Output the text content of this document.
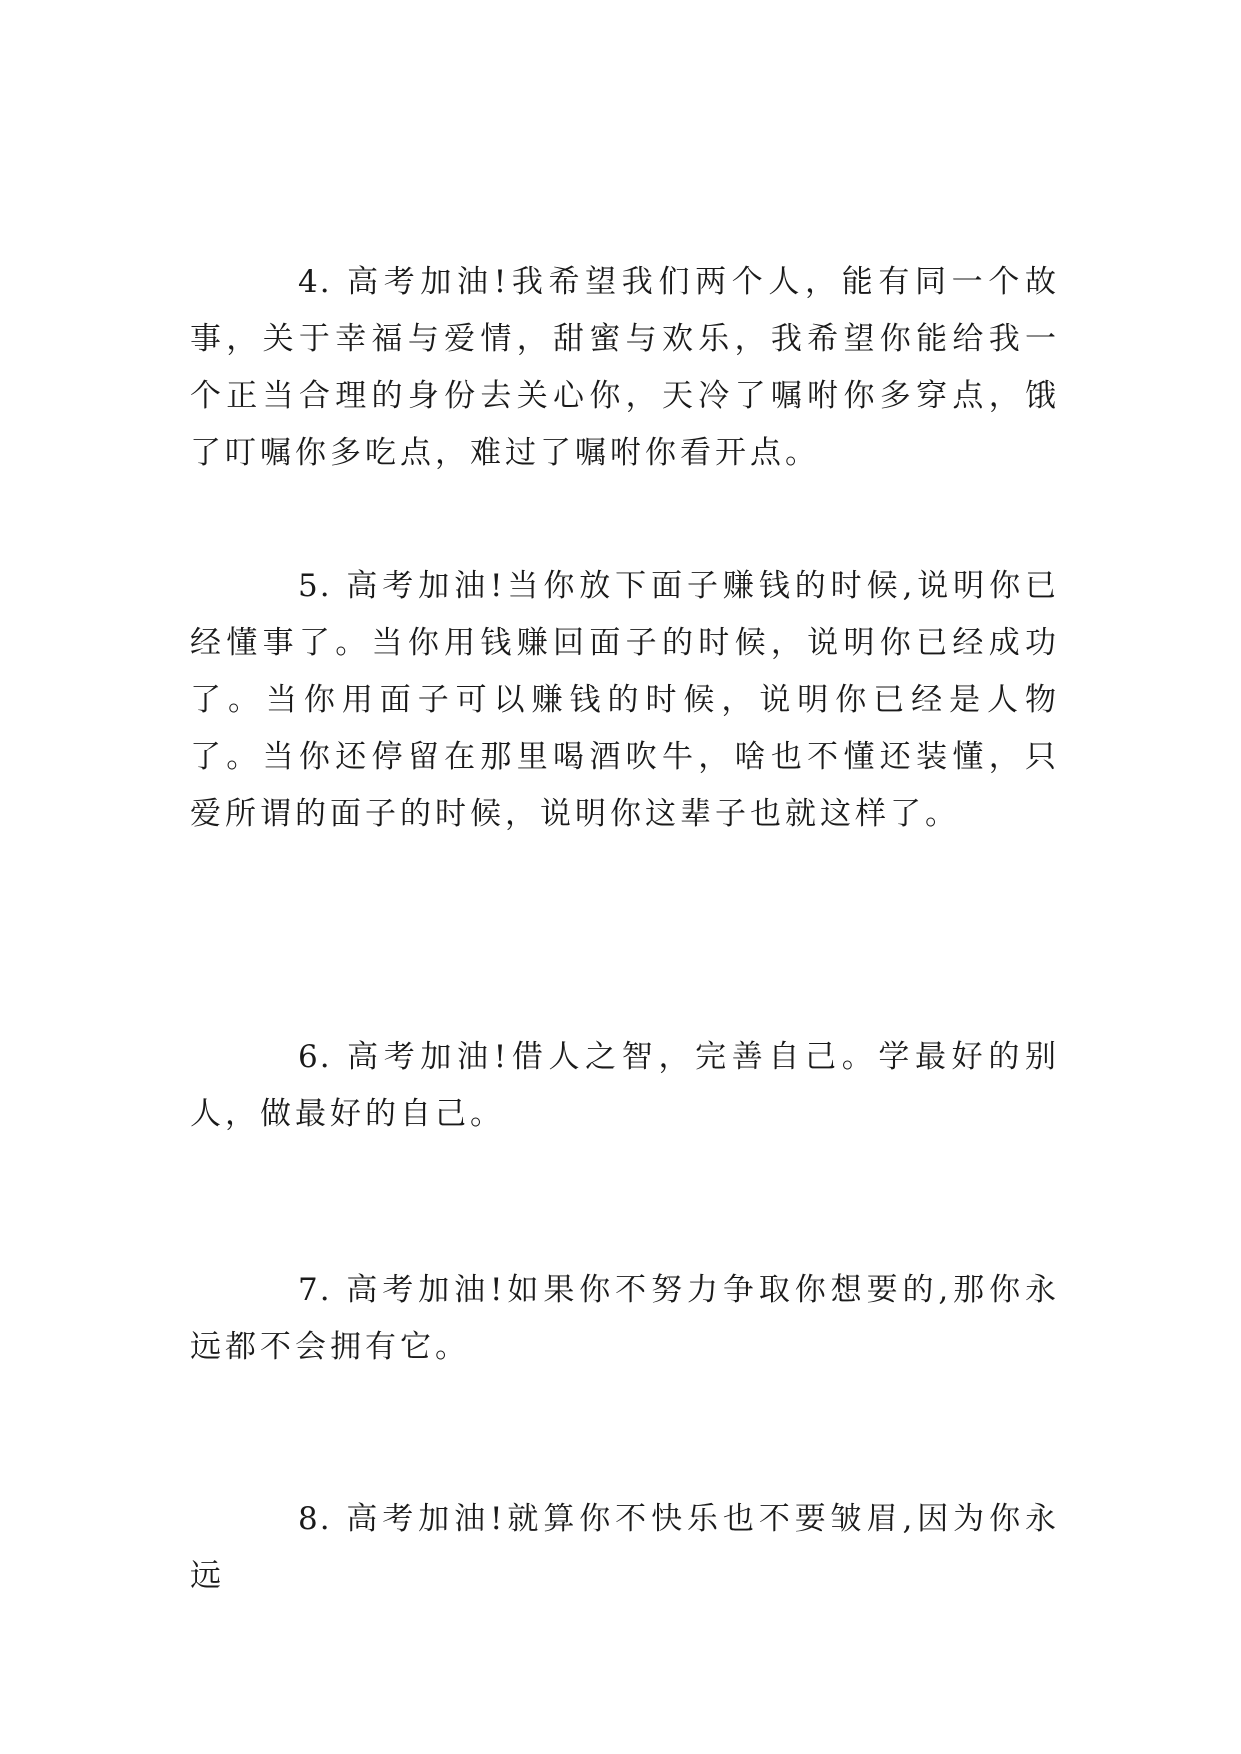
4. 高考加油!我希望我们两个人，能有同一个故事，关于幸福与爱情，甜蜜与欢乐，我希望你能给我一个正当合理的身份去关心你，天冷了嘱咐你多穿点，饿了叮嘱你多吃点，难过了嘱咐你看开点。

5. 高考加油!当你放下面子赚钱的时候,说明你已经懂事了。当你用钱赚回面子的时候，说明你已经成功了。当你用面子可以赚钱的时候，说明你已经是人物了。当你还停留在那里喝酒吹牛，啥也不懂还装懂，只爱所谓的面子的时候，说明你这辈子也就这样了。

6. 高考加油!借人之智，完善自己。学最好的别人，做最好的自己。

7. 高考加油!如果你不努力争取你想要的,那你永远都不会拥有它。

8. 高考加油!就算你不快乐也不要皱眉,因为你永远
